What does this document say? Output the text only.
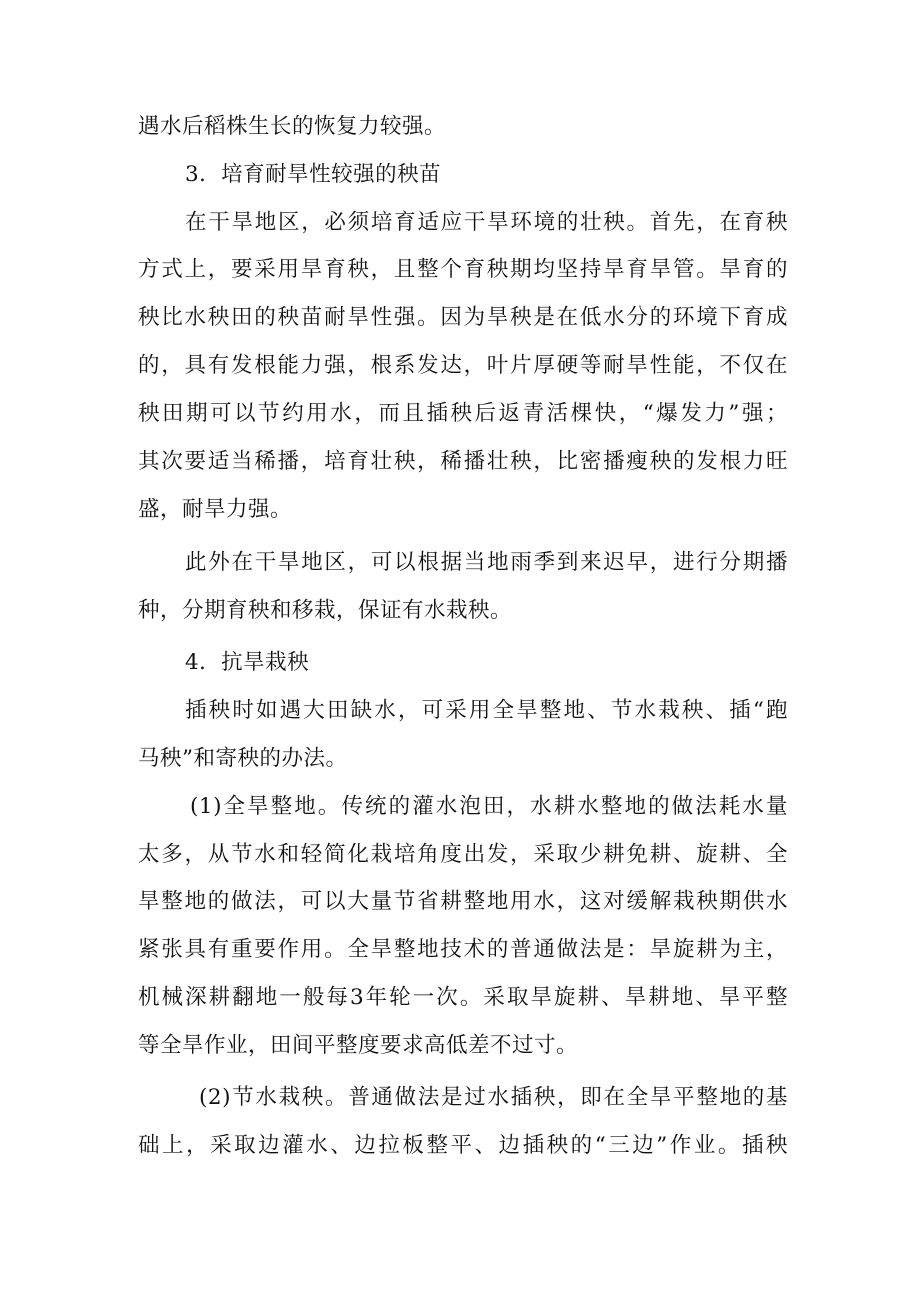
遇水后稻株生长的恢复力较强。
3．培育耐旱性较强的秧苗
在干旱地区，必须培育适应干旱环境的壮秧。首先，在育秧
方式上，要采用旱育秧，且整个育秧期均坚持旱育旱管。旱育的
秧比水秧田的秧苗耐旱性强。因为旱秧是在低水分的环境下育成
的，具有发根能力强，根系发达，叶片厚硬等耐旱性能，不仅在
秧田期可以节约用水，而且插秧后返青活棵快，“爆发力”强；
其次要适当稀播，培育壮秧，稀播壮秧，比密播瘦秧的发根力旺
盛，耐旱力强。
此外在干旱地区，可以根据当地雨季到来迟早，进行分期播
种，分期育秧和移栽，保证有水栽秧。
4．抗旱栽秧
插秧时如遇大田缺水，可采用全旱整地、节水栽秧、插“跑
马秧”和寄秧的办法。
(1)全旱整地。传统的灌水泡田，水耕水整地的做法耗水量
太多，从节水和轻简化栽培角度出发，采取少耕免耕、旋耕、全
旱整地的做法，可以大量节省耕整地用水，这对缓解栽秧期供水
紧张具有重要作用。全旱整地技术的普通做法是：旱旋耕为主，
机械深耕翻地一般每3年轮一次。采取旱旋耕、旱耕地、旱平整
等全旱作业，田间平整度要求高低差不过寸。
(2)节水栽秧。普通做法是过水插秧，即在全旱平整地的基
础上，采取边灌水、边拉板整平、边插秧的“三边”作业。插秧
